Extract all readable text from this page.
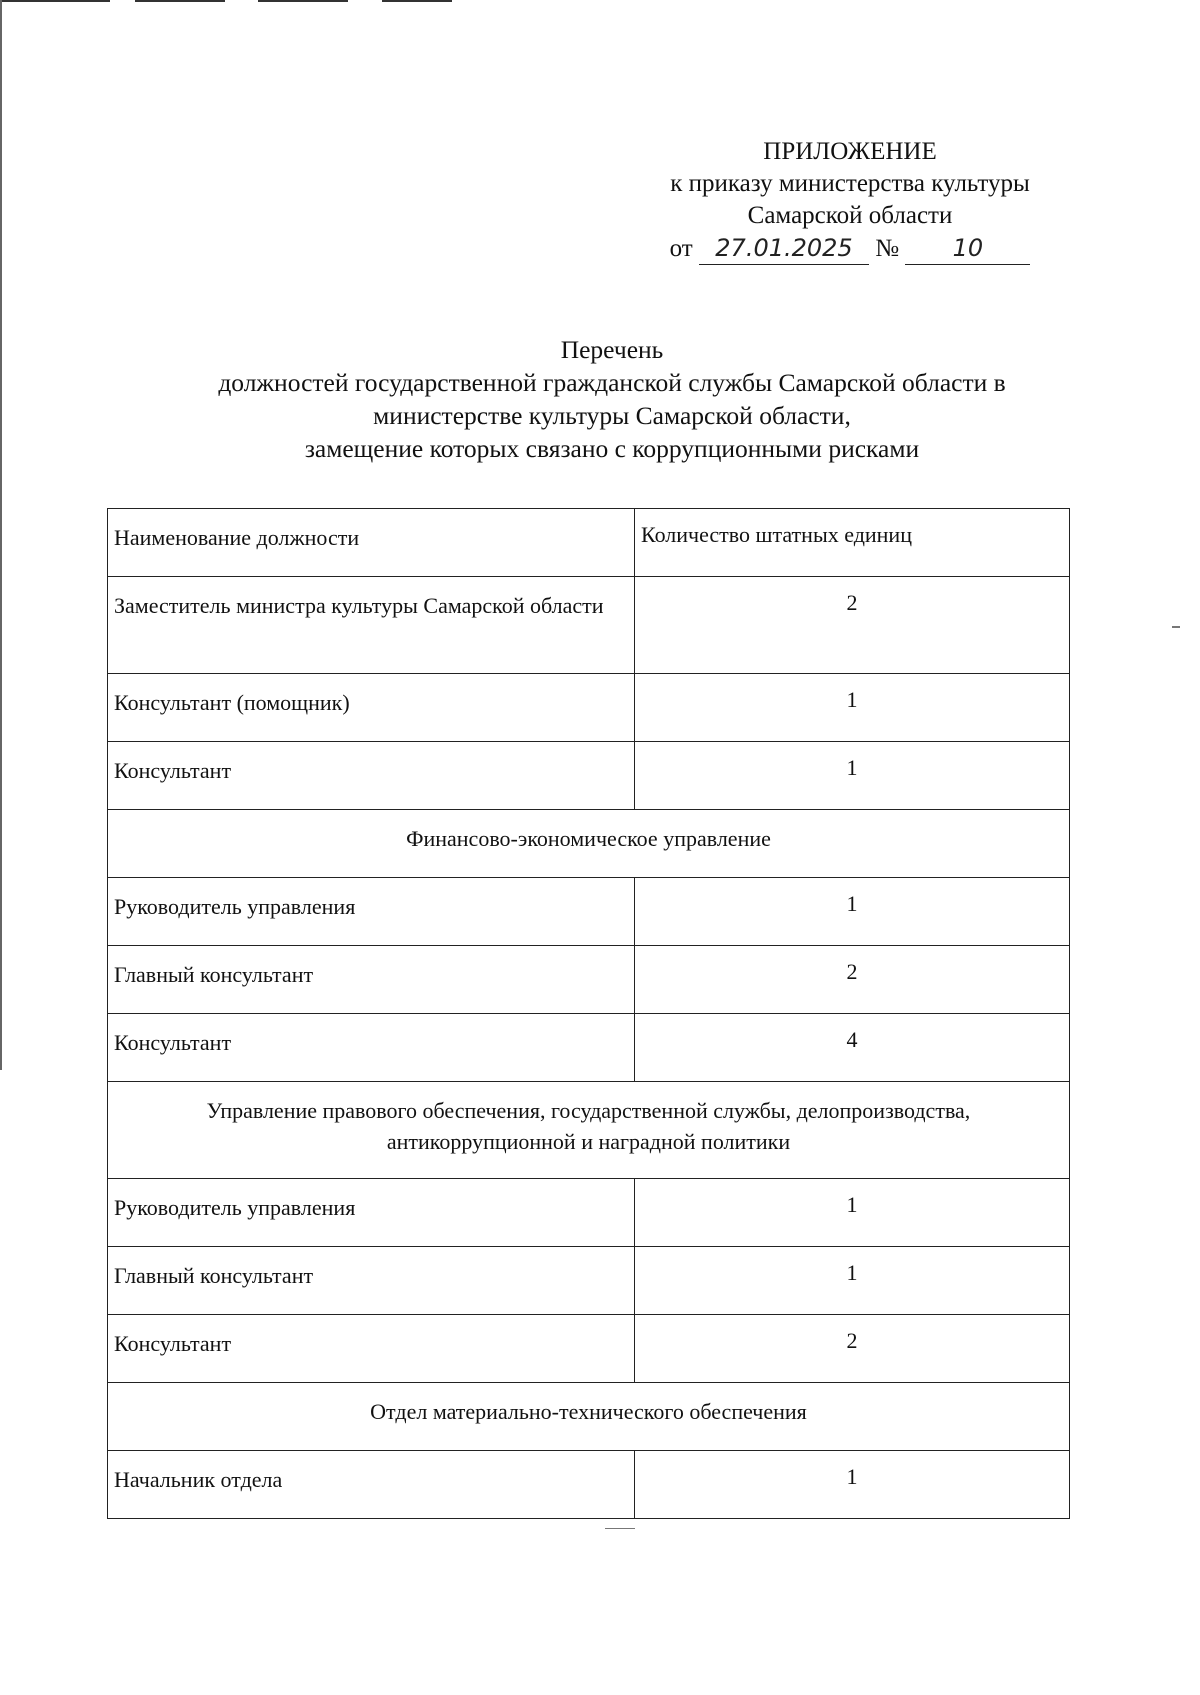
ПРИЛОЖЕНИЕ
к приказу министерства культуры
Самарской области
от 27.01.2025 № 10
Перечень
должностей государственной гражданской службы Самарской области в
министерстве культуры Самарской области,
замещение которых связано с коррупционными рисками
Наименование должности	Количество штатных единиц
Заместитель министра культуры Самарской области	2
Консультант (помощник)	1
Консультант	1
Финансово-экономическое управление	
Руководитель управления	1
Главный консультант	2
Консультант	4

Управление правового обеспечения, государственной службы, делопроизводства, антикоррупционной и наградной политики	

Руководитель управления	1
Главный консультант	1
Консультант	2
Отдел материально-технического обеспечения	
Начальник отдела	1
